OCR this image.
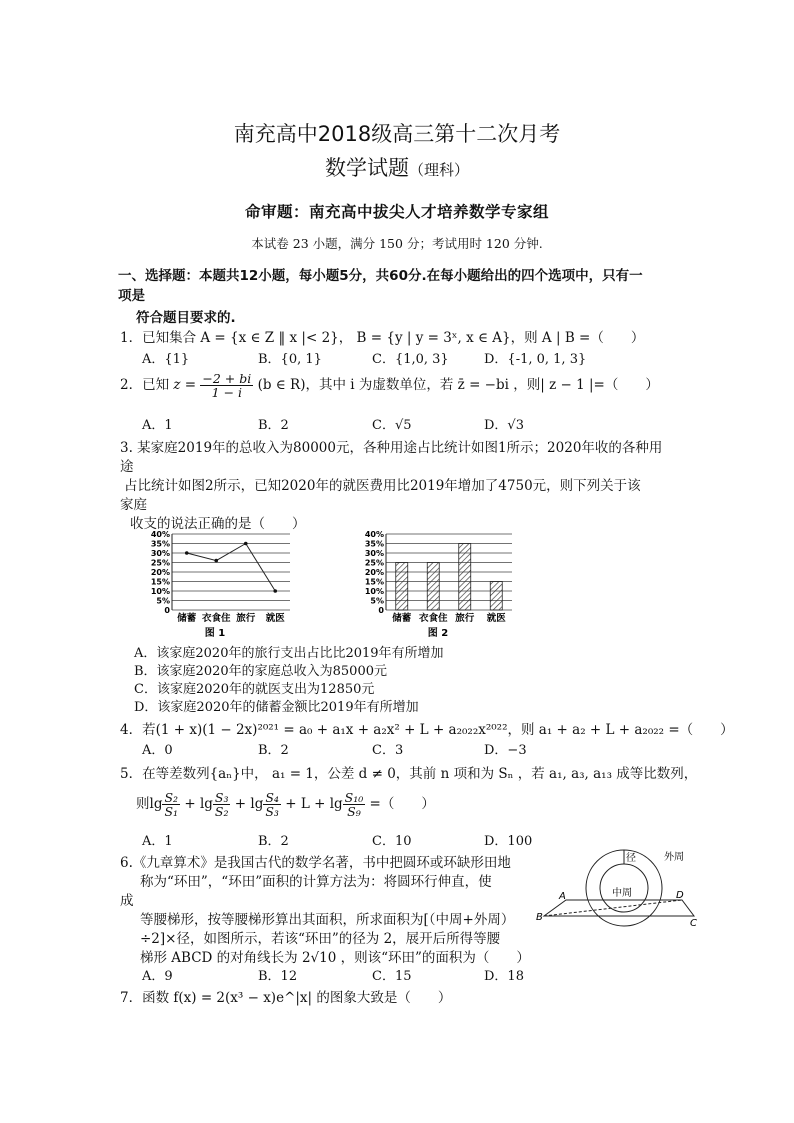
南充高中2018级高三第十二次月考
数学试题（理科）
命审题：南充高中拔尖人才培养数学专家组
本试卷 23 小题，满分 150 分；考试用时 120 分钟.
一、选择题：本题共12小题，每小题5分，共60分.在每小题给出的四个选项中，只有一
项是
符合题目要求的.
1．已知集合 A = {x ∈ Z ‖ x |< 2}， B = {y | y = 3ˣ, x ∈ A}，则 A | B =（　　）
A．{1}	B．{0, 1}	C．{1,0, 3}	D．{-1, 0, 1, 3}
2．已知 $z = \frac{-2 + bi}{1 - i} (b$ ∈ R)，其中 i 为虚数单位，若 z̄ = −bi ，则| z − 1 |=（　　）
A．1	B．2	C．√5	D．√3
3. 某家庭2019年的总收入为80000元，各种用途占比统计如图1所示；2020年收的各种用
途
占比统计如图2所示，已知2020年的就医费用比2019年增加了4750元，则下列关于该
家庭
收支的说法正确的是（　　）
40%
35%
30%
25%
20%
15%
10%
5%
0
储蓄 衣食住 旅行 就医
图 1
40%
35%
30%
25%
20%
15%
10%
5%
0
储蓄 衣食住 旅行 就医
图 2
A．该家庭2020年的旅行支出占比比2019年有所增加
B．该家庭2020年的家庭总收入为85000元
C．该家庭2020年的就医支出为12850元
D．该家庭2020年的储蓄金额比2019年有所增加
4．若(1 + x)(1 − 2x)²⁰²¹ = a₀ + a₁x + a₂x² + L + a₂₀₂₂x²⁰²²，则 a₁ + a₂ + L + a₂₀₂₂ =（　　）
A．0	B．2	C．3	D．−3
5．在等差数列{aₙ}中， a₁ = 1，公差 d ≠ 0，其前 n 项和为 Sₙ ，若 a₁, a₃, a₁₃ 成等比数列，
则$\lg \frac{\text{S₂}}{\text{S₁}} + \lg \frac{\text{S₃}}{\text{S₂}} + \lg \frac{\text{S₄}}{\text{S₃}} + L + \lg \frac{\text{S₁₀}}{\text{S₉}}$ =（　　）
A．1	B．2	C．10	D．100
6.《九章算术》是我国古代的数学名著，书中把圆环或环缺形田地
称为“环田”，“环田”面积的计算方法为：将圆环行伸直，使
成
等腰梯形，按等腰梯形算出其面积，所求面积为[（中周+外周）
÷2]×径，如图所示，若该“环田”的径为 2，展开后所得等腰
梯形 ABCD 的对角线长为 2√10 ，则该“环田”的面积为（　　）
A．9	B．12	C．15	D．18
径	外周
中周
A
B
C
D
7．函数 f(x) = 2(x³ − x)e^|x| 的图象大致是（　　）
